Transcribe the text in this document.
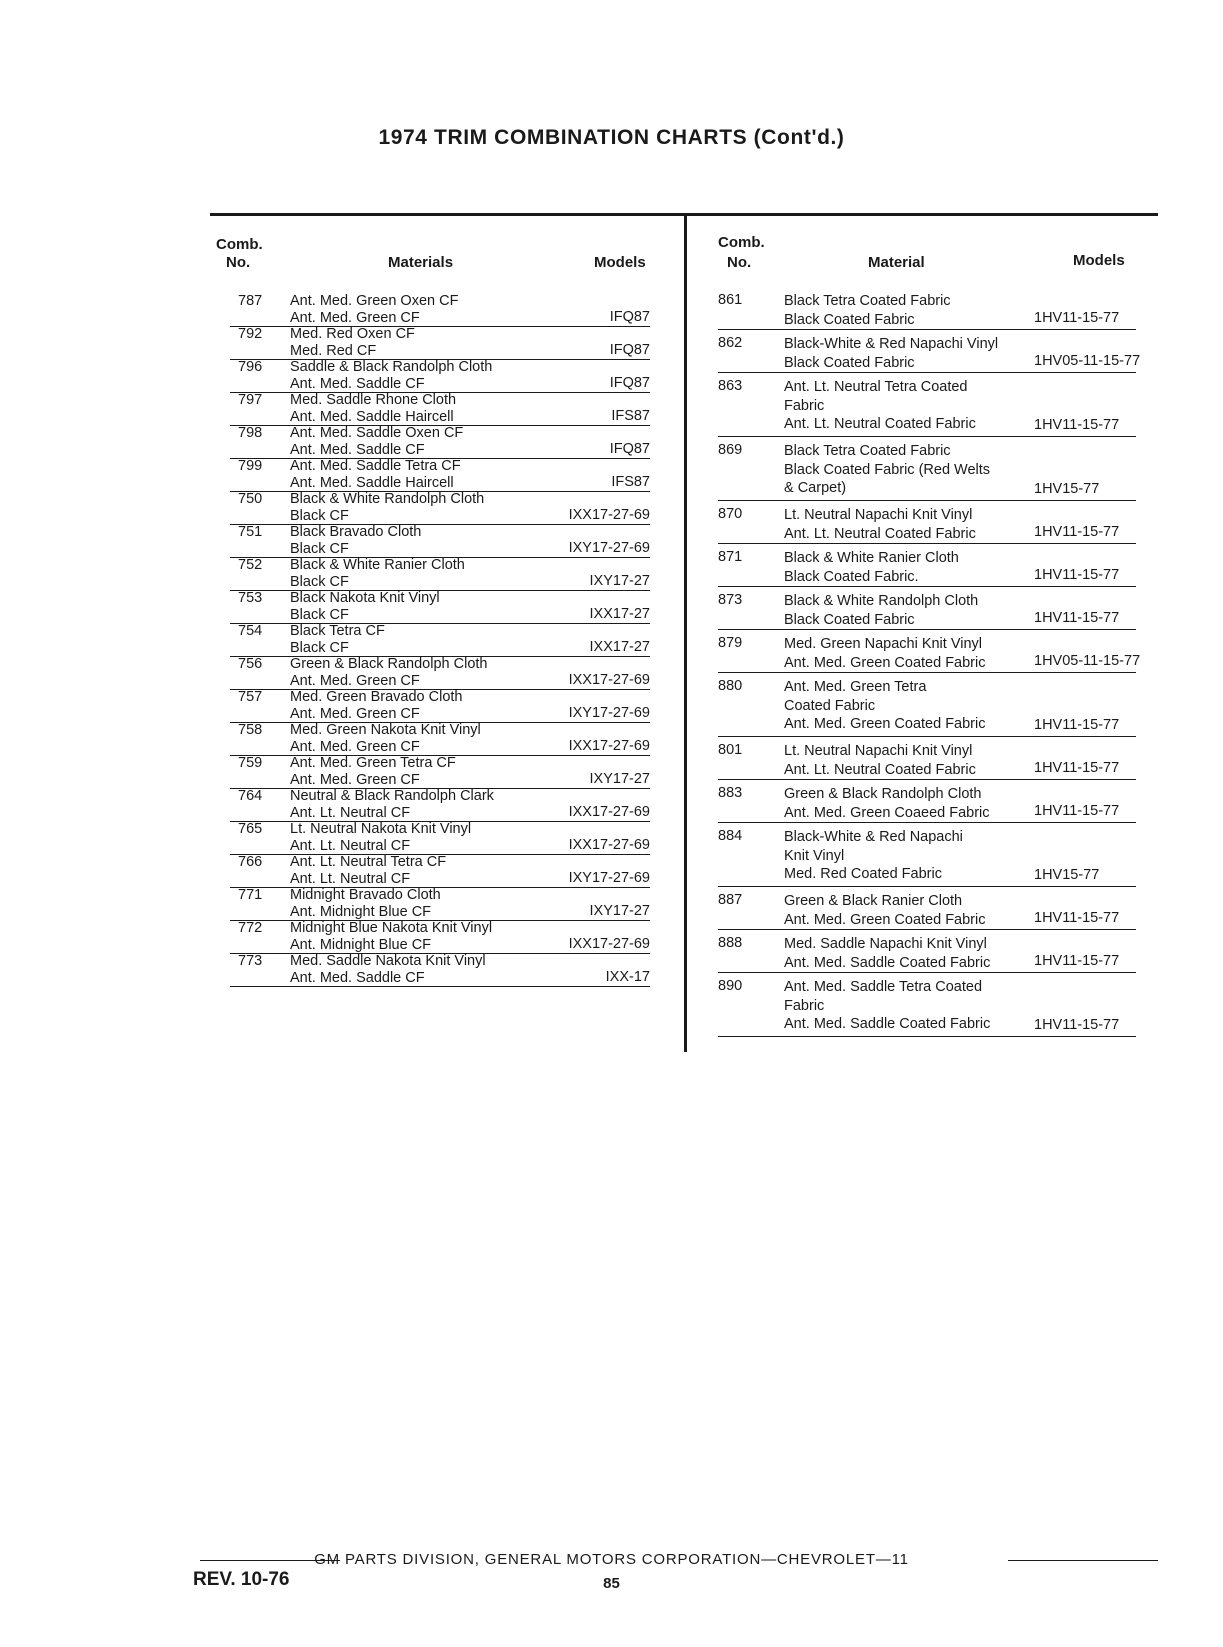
1974 TRIM COMBINATION CHARTS (Cont'd.)
Comb.
No.	Materials	Models
Comb.
No.	Material	Models
787 Ant. Med. Green Oxen CF
Ant. Med. Green CF	IFQ87
792 Med. Red Oxen CF
Med. Red CF	IFQ87
796 Saddle & Black Randolph Cloth
Ant. Med. Saddle CF	IFQ87
797 Med. Saddle Rhone Cloth
Ant. Med. Saddle Haircell	IFS87
798 Ant. Med. Saddle Oxen CF
Ant. Med. Saddle CF	IFQ87
799 Ant. Med. Saddle Tetra CF
Ant. Med. Saddle Haircell	IFS87
750 Black & White Randolph Cloth
Black CF	IXX17-27-69
751 Black Bravado Cloth
Black CF	IXY17-27-69
752 Black & White Ranier Cloth
Black CF	IXY17-27
753 Black Nakota Knit Vinyl
Black CF	IXX17-27
754 Black Tetra CF
Black CF	IXX17-27
756 Green & Black Randolph Cloth
Ant. Med. Green CF	IXX17-27-69
757 Med. Green Bravado Cloth
Ant. Med. Green CF	IXY17-27-69
758 Med. Green Nakota Knit Vinyl
Ant. Med. Green CF	IXX17-27-69
759 Ant. Med. Green Tetra CF
Ant. Med. Green CF	IXY17-27
764 Neutral & Black Randolph Clark
Ant. Lt. Neutral CF	IXX17-27-69
765 Lt. Neutral Nakota Knit Vinyl
Ant. Lt. Neutral CF	IXX17-27-69
766 Ant. Lt. Neutral Tetra CF
Ant. Lt. Neutral CF	IXY17-27-69
771 Midnight Bravado Cloth
Ant. Midnight Blue CF	IXY17-27
772 Midnight Blue Nakota Knit Vinyl
Ant. Midnight Blue CF	IXX17-27-69
773 Med. Saddle Nakota Knit Vinyl
Ant. Med. Saddle CF	IXX-17
861	Black Tetra Coated Fabric
Black Coated Fabric	1HV11-15-77
862	Black-White & Red Napachi Vinyl
Black Coated Fabric	1HV05-11-15-77
863	Ant. Lt. Neutral Tetra Coated
Fabric
Ant. Lt. Neutral Coated Fabric	1HV11-15-77
869	Black Tetra Coated Fabric
Black Coated Fabric (Red Welts
& Carpet)	1HV15-77
870	Lt. Neutral Napachi Knit Vinyl
Ant. Lt. Neutral Coated Fabric	1HV11-15-77
871	Black & White Ranier Cloth
Black Coated Fabric.	1HV11-15-77
873	Black & White Randolph Cloth
Black Coated Fabric	1HV11-15-77
879	Med. Green Napachi Knit Vinyl
Ant. Med. Green Coated Fabric	1HV05-11-15-77
880	Ant. Med. Green Tetra
Coated Fabric
Ant. Med. Green Coated Fabric	1HV11-15-77
801	Lt. Neutral Napachi Knit Vinyl
Ant. Lt. Neutral Coated Fabric	1HV11-15-77
883	Green & Black Randolph Cloth
Ant. Med. Green Coaeed Fabric	1HV11-15-77
884	Black-White & Red Napachi
Knit Vinyl
Med. Red Coated Fabric	1HV15-77
887	Green & Black Ranier Cloth
Ant. Med. Green Coated Fabric	1HV11-15-77
888	Med. Saddle Napachi Knit Vinyl
Ant. Med. Saddle Coated Fabric	1HV11-15-77
890	Ant. Med. Saddle Tetra Coated
Fabric
Ant. Med. Saddle Coated Fabric	1HV11-15-77
GM PARTS DIVISION, GENERAL MOTORS CORPORATION—CHEVROLET—11
REV. 10-76	85
